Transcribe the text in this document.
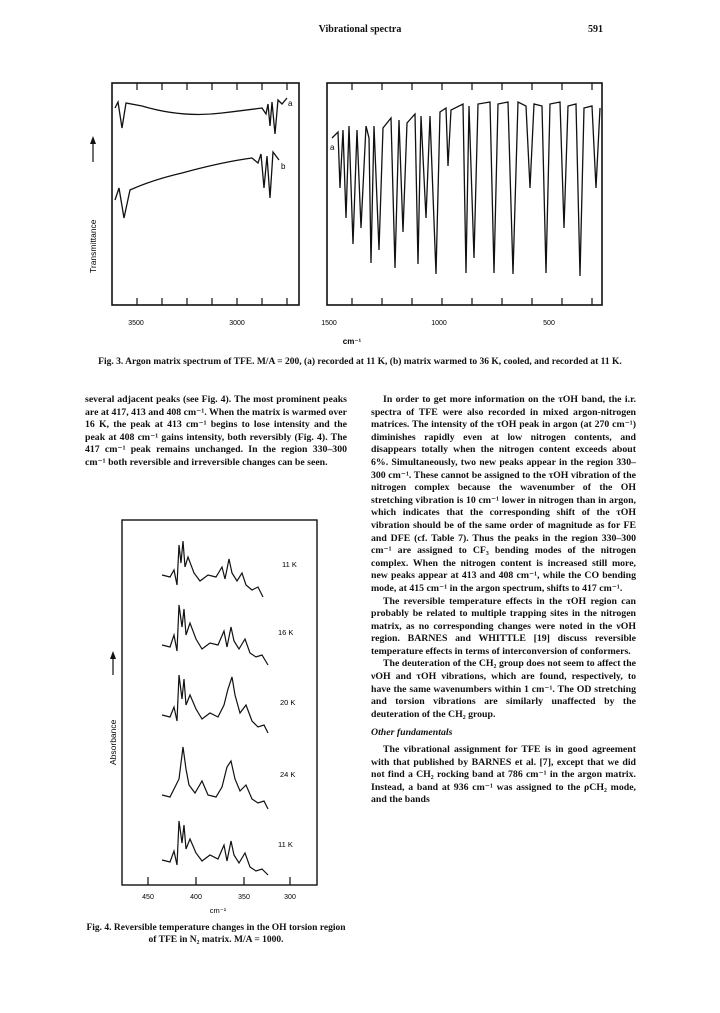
Vibrational spectra	591
a
b
a
Transmittance
3500	3000	1500	1000	500
cm⁻¹
Fig. 3. Argon matrix spectrum of TFE. M/A = 200, (a) recorded at 11 K, (b) matrix warmed to 36 K, cooled, and recorded at 11 K.

several adjacent peaks (see Fig. 4). The most prominent peaks are at 417, 413 and 408 cm⁻¹. When the matrix is warmed over 16 K, the peak at 413 cm⁻¹ begins to lose intensity and the peak at 408 cm⁻¹ gains intensity, both reversibly (Fig. 4). The 417 cm⁻¹ peak remains unchanged. In the region 330–300 cm⁻¹ both reversible and irreversible changes can be seen.

11 K
16 K
20 K
24 K
11 K
Absorbance
450	400	350	300
cm⁻¹
Fig. 4. Reversible temperature changes in the OH torsion region of TFE in N₂ matrix. M/A = 1000.

In order to get more information on the τOH band, the i.r. spectra of TFE were also recorded in mixed argon-nitrogen matrices. The intensity of the τOH peak in argon (at 270 cm⁻¹) diminishes rapidly even at low nitrogen contents, and disappears totally when the nitrogen content exceeds about 6%. Simultaneously, two new peaks appear in the region 330–300 cm⁻¹. These cannot be assigned to the τOH vibration of the nitrogen complex because the wavenumber of the OH stretching vibration is 10 cm⁻¹ lower in nitrogen than in argon, which indicates that the corresponding shift of the τOH vibration should be of the same order of magnitude as for FE and DFE (cf. Table 7). Thus the peaks in the region 330–300 cm⁻¹ are assigned to CF₃ bending modes of the nitrogen complex. When the nitrogen content is increased still more, new peaks appear at 413 and 408 cm⁻¹, while the CO bending mode, at 415 cm⁻¹ in the argon spectrum, shifts to 417 cm⁻¹.

The reversible temperature effects in the τOH region can probably be related to multiple trapping sites in the nitrogen matrix, as no corresponding changes were noted in the νOH region. BARNES and WHITTLE [19] discuss reversible temperature effects in terms of interconversion of conformers.

The deuteration of the CH₂ group does not seem to affect the νOH and τOH vibrations, which are found, respectively, to have the same wavenumbers within 1 cm⁻¹. The OD stretching and torsion vibrations are similarly unaffected by the deuteration of the CH₂ group.

Other fundamentals

The vibrational assignment for TFE is in good agreement with that published by BARNES et al. [7], except that we did not find a CH₂ rocking band at 786 cm⁻¹ in the argon matrix. Instead, a band at 936 cm⁻¹ was assigned to the ρCH₂ mode, and the bands
